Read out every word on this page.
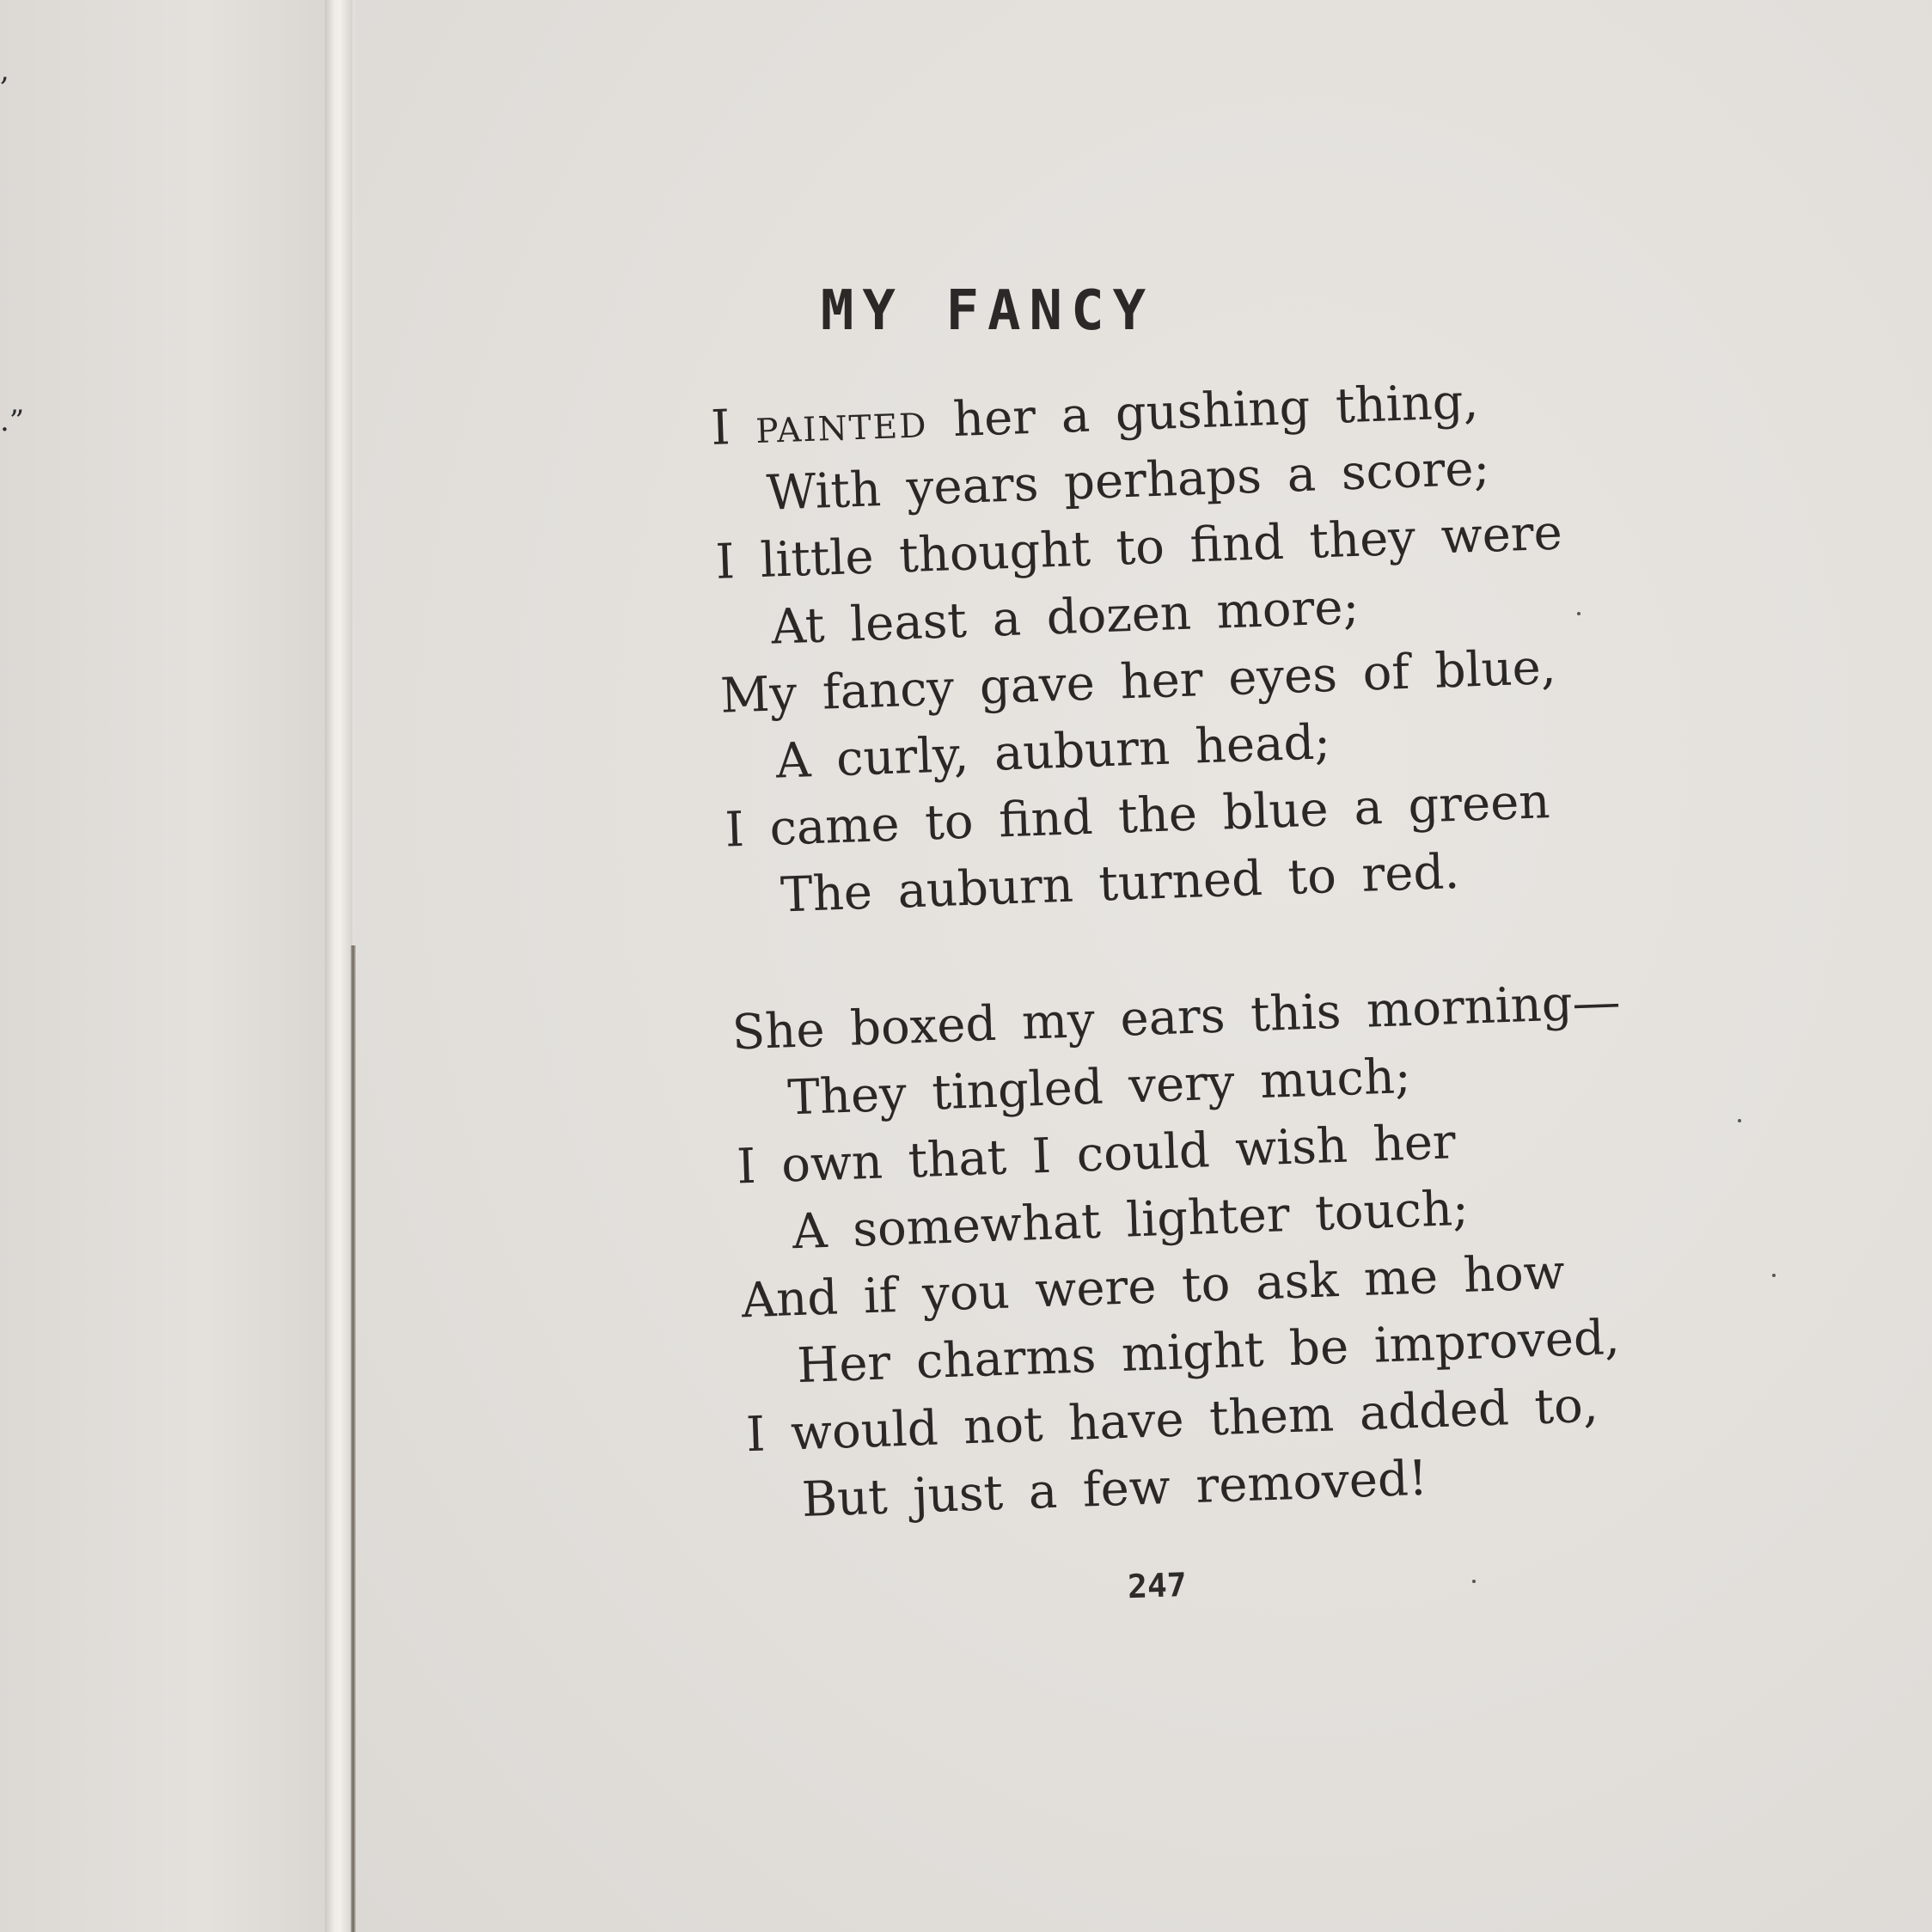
,
.”
MY FANCY
I painted her a gushing thing,
With years perhaps a score;
I little thought to find they were
At least a dozen more;
My fancy gave her eyes of blue,
A curly, auburn head;
I came to find the blue a green
The auburn turned to red.
She boxed my ears this morning—
They tingled very much;
I own that I could wish her
A somewhat lighter touch;
And if you were to ask me how
Her charms might be improved,
I would not have them added to,
But just a few removed!
247
